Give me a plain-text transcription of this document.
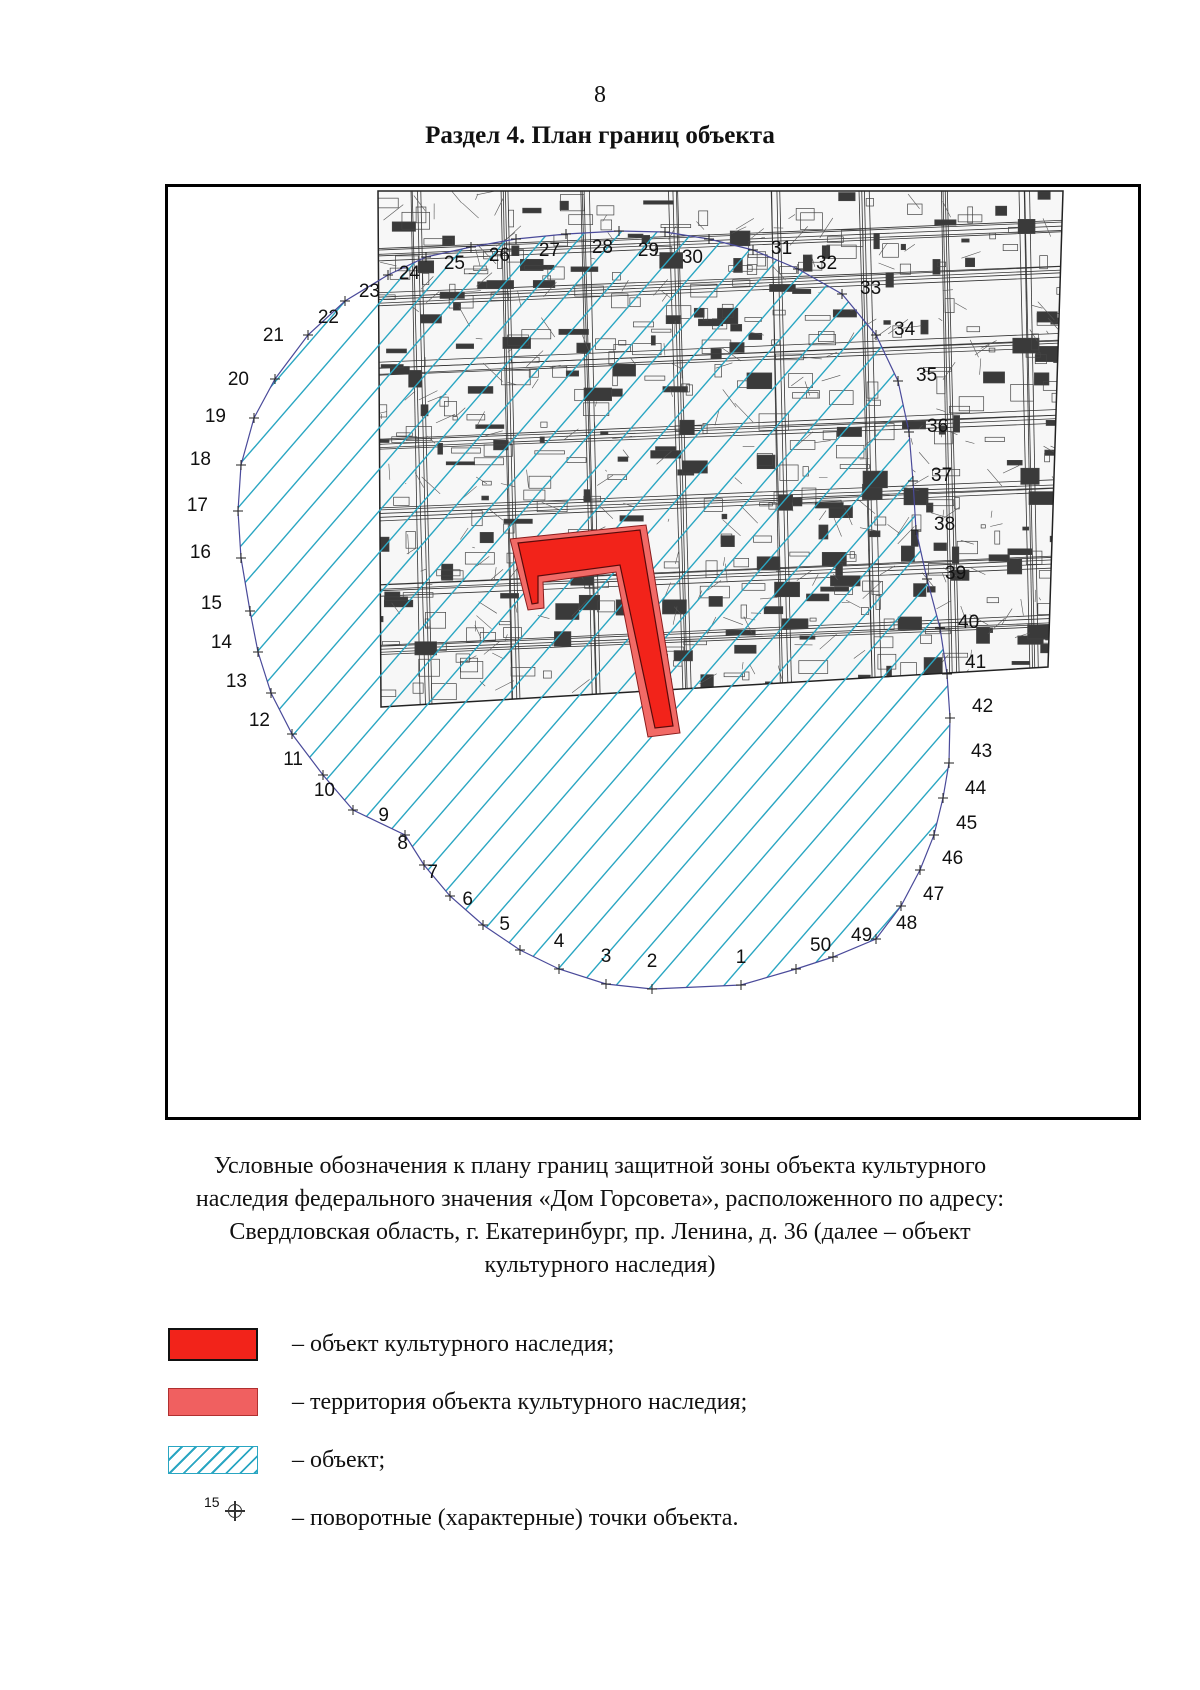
8
Раздел 4. План границ объекта
1
2
3
4
5
6
7
8
9
10
11
12
13
14
15
16
17
18
19
20
21
22
23
24 25 26 27 28 29 30	31
32
33
34
35
36
37
38
39
40
41
42
43
44
45
46
47
48
49
50

Условные обозначения к плану границ защитной зоны объекта культурного

наследия федерального значения «Дом Горсовета», расположенного по адресу:

Свердловская область, г. Екатеринбург, пр. Ленина, д. 36 (далее – объект

культурного наследия)

– объект культурного наследия;
– территория объекта культурного наследия;
– объект;
15
– поворотные (характерные) точки объекта.
